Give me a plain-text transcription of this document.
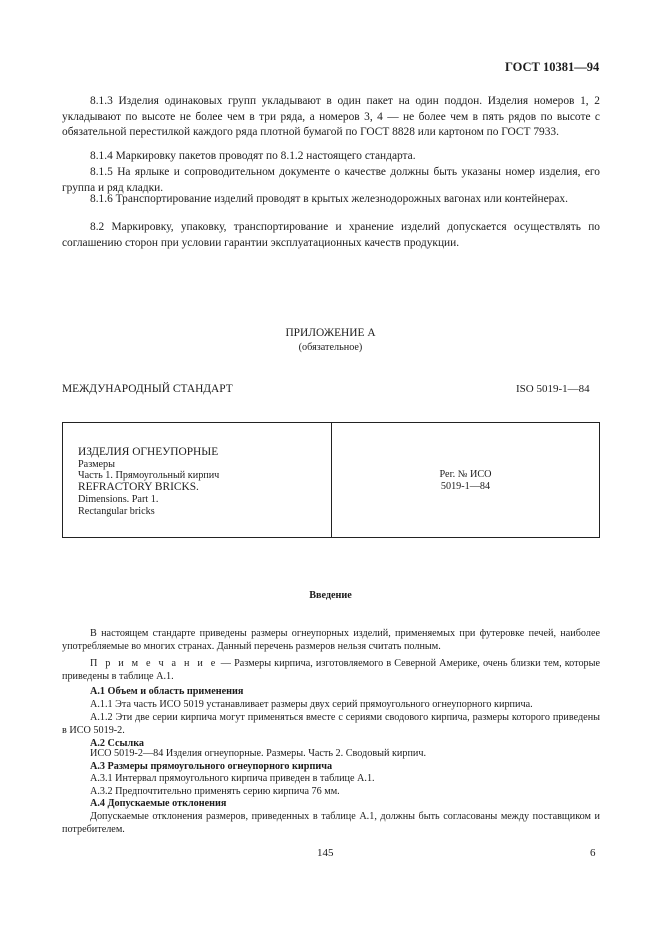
ГОСТ 10381—94

8.1.3 Изделия одинаковых групп укладывают в один пакет на один поддон. Изделия номеров 1, 2 укладывают по высоте не более чем в три ряда, а номеров 3, 4 — не более чем в пять рядов по высоте с обязательной перестилкой каждого ряда плотной бумагой по ГОСТ 8828 или картоном по ГОСТ 7933.

8.1.4 Маркировку пакетов проводят по 8.1.2 настоящего стандарта.

8.1.5 На ярлыке и сопроводительном документе о качестве должны быть указаны номер изделия, его группа и ряд кладки.

8.1.6 Транспортирование изделий проводят в крытых железнодорожных вагонах или контейнерах.

8.2 Маркировку, упаковку, транспортирование и хранение изделий допускается осуществлять по соглашению сторон при условии гарантии эксплуатационных качеств продукции.

ПРИЛОЖЕНИЕ А
(обязательное)
МЕЖДУНАРОДНЫЙ СТАНДАРТ	ISO 5019-1—84
ИЗДЕЛИЯ ОГНЕУПОРНЫЕ
Размеры
Часть 1. Прямоугольный кирпич
REFRACTORY BRICKS.
Dimensions. Part 1.
Rectangular bricks
Рег. № ИСО
5019-1—84
Введение

В настоящем стандарте приведены размеры огнеупорных изделий, применяемых при футеровке печей, наиболее употребляемые во многих странах. Данный перечень размеров нельзя считать полным.

П р и м е ч а н и е — Размеры кирпича, изготовляемого в Северной Америке, очень близки тем, которые приведены в таблице А.1.

А.1 Объем и область применения

А.1.1 Эта часть ИСО 5019 устанавливает размеры двух серий прямоугольного огнеупорного кирпича.

А.1.2 Эти две серии кирпича могут применяться вместе с сериями сводового кирпича, размеры которого приведены в ИСО 5019-2.

А.2 Ссылка

ИСО 5019-2—84 Изделия огнеупорные. Размеры. Часть 2. Сводовый кирпич.

А.3 Размеры прямоугольного огнеупорного кирпича

А.3.1 Интервал прямоугольного кирпича приведен в таблице А.1.

А.3.2 Предпочтительно применять серию кирпича 76 мм.

А.4 Допускаемые отклонения

Допускаемые отклонения размеров, приведенных в таблице А.1, должны быть согласованы между поставщиком и потребителем.

145	6
